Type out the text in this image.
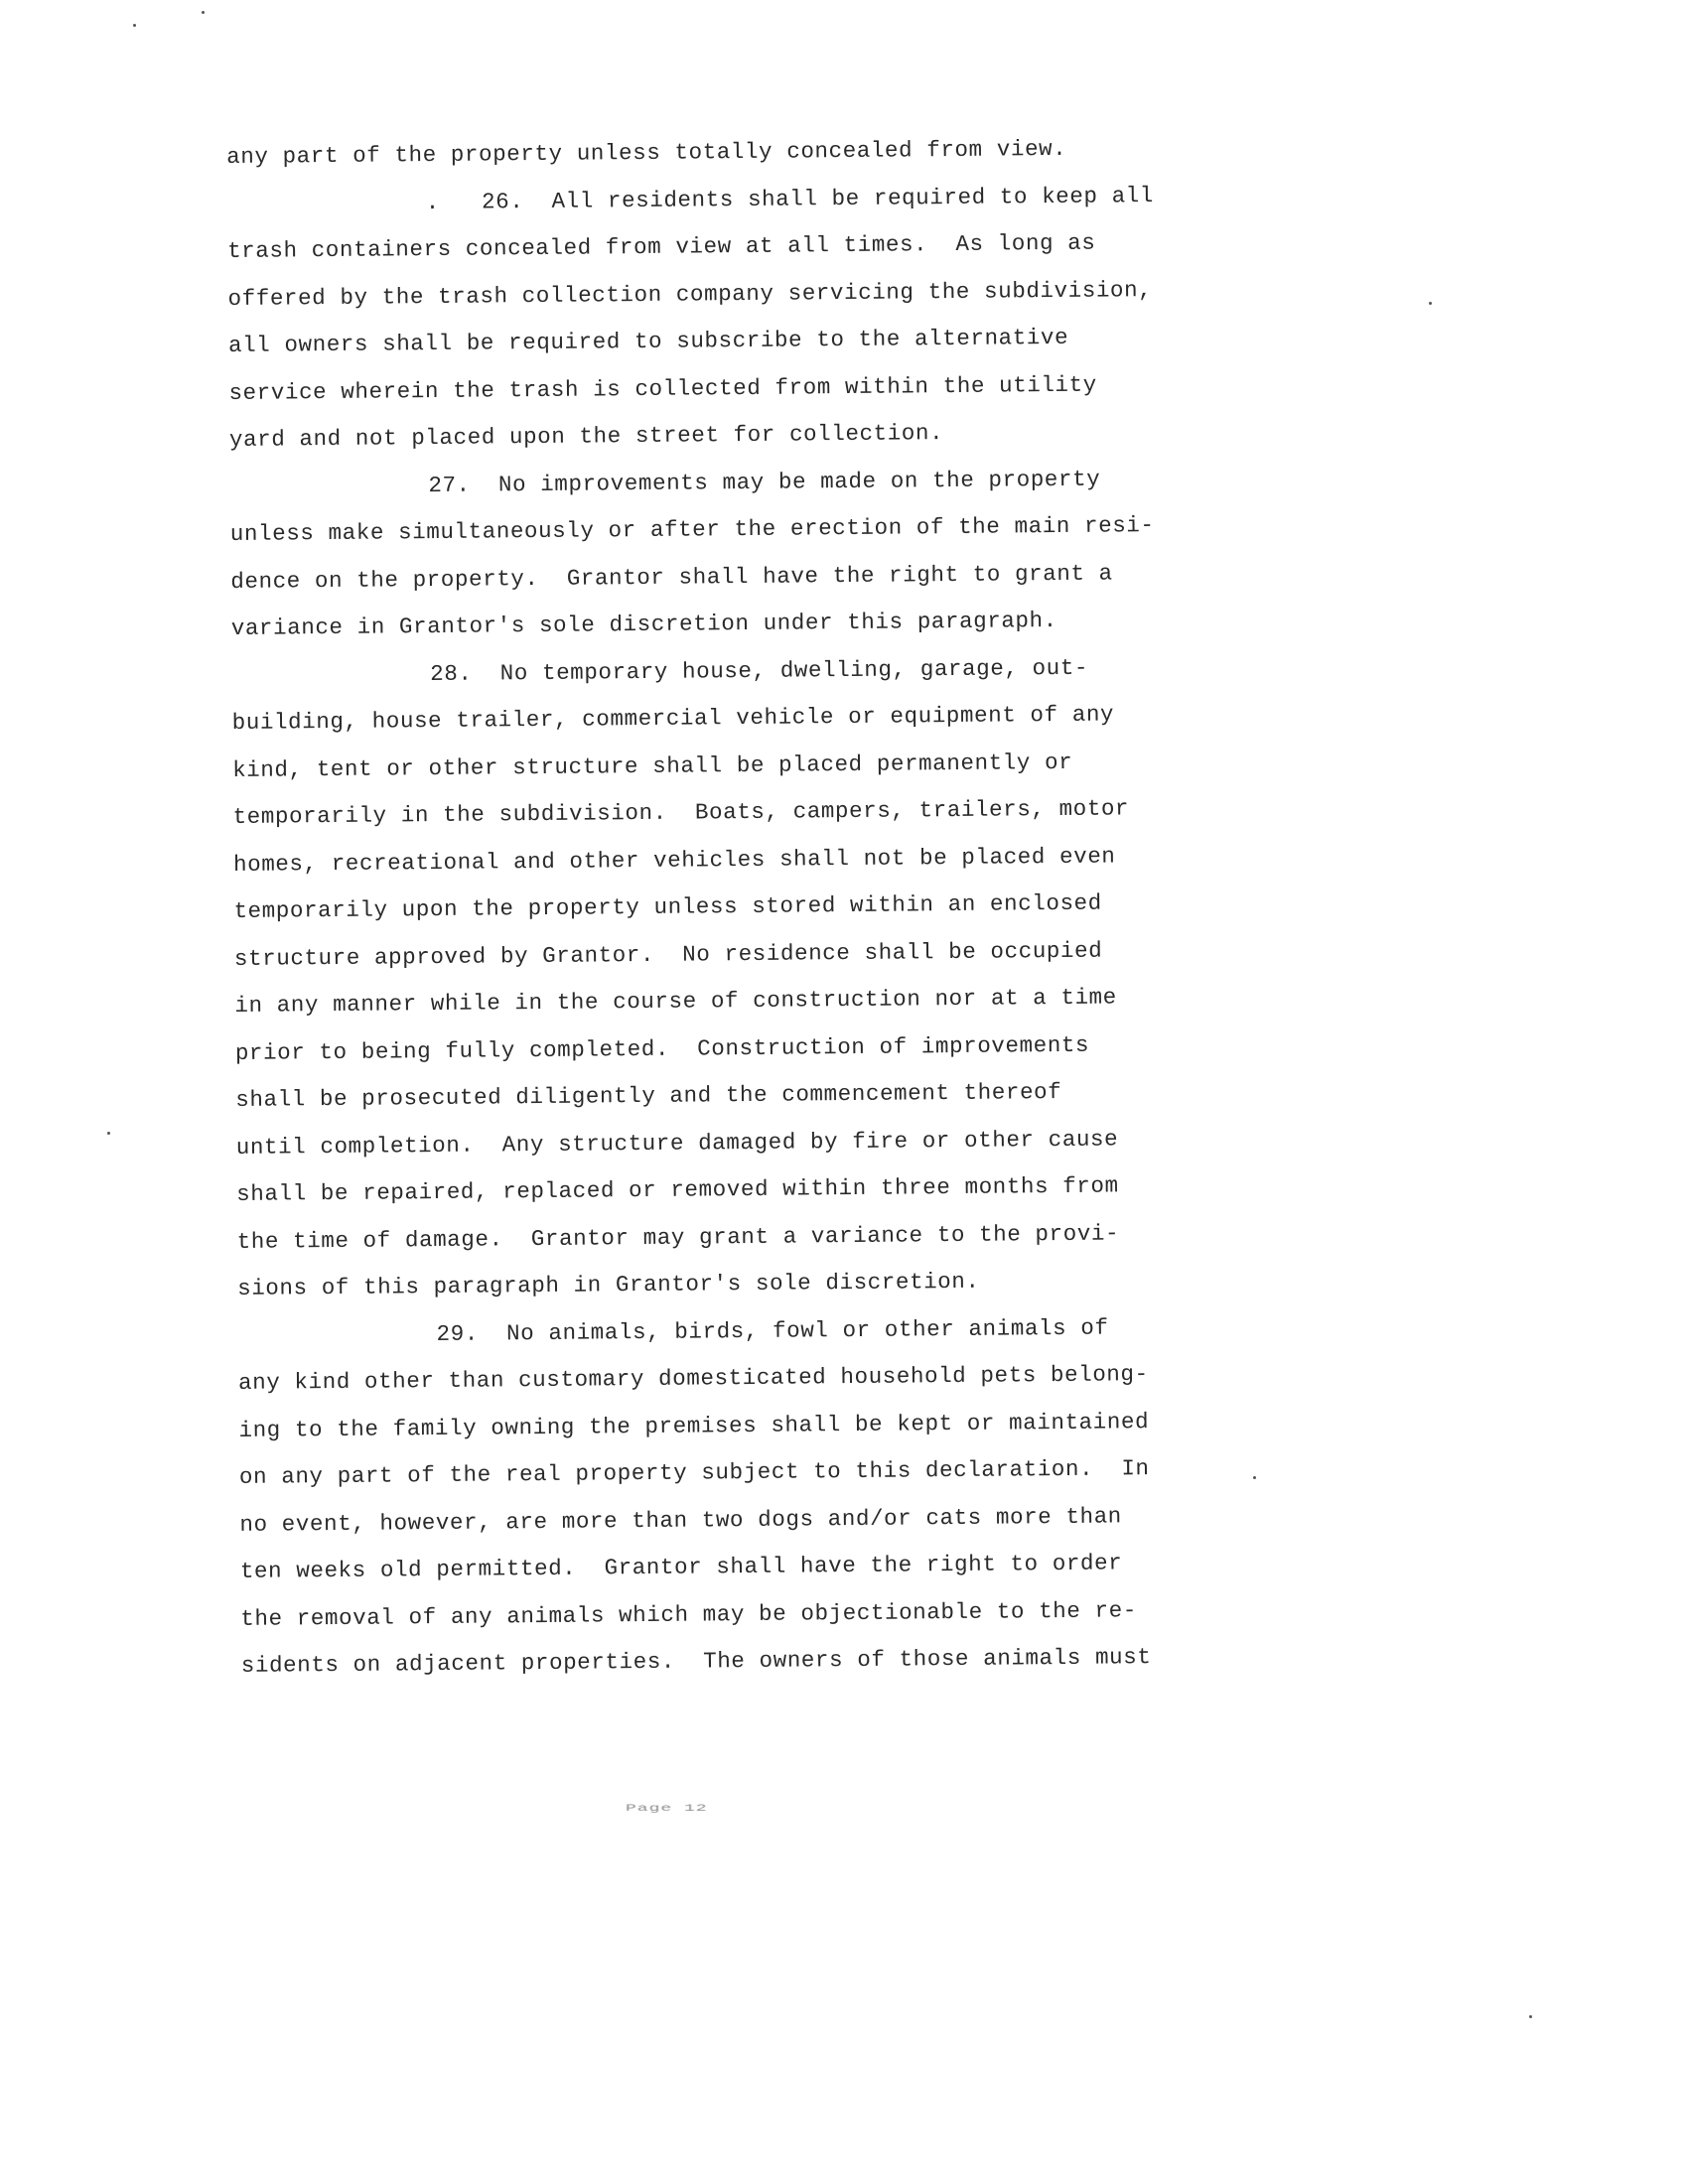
any part of the property unless totally concealed from view.
.   26.  All residents shall be required to keep all
trash containers concealed from view at all times.  As long as
offered by the trash collection company servicing the subdivision,
all owners shall be required to subscribe to the alternative
service wherein the trash is collected from within the utility
yard and not placed upon the street for collection.
27.  No improvements may be made on the property
unless make simultaneously or after the erection of the main resi-
dence on the property.  Grantor shall have the right to grant a
variance in Grantor's sole discretion under this paragraph.
28.  No temporary house, dwelling, garage, out-
building, house trailer, commercial vehicle or equipment of any
kind, tent or other structure shall be placed permanently or
temporarily in the subdivision.  Boats, campers, trailers, motor
homes, recreational and other vehicles shall not be placed even
temporarily upon the property unless stored within an enclosed
structure approved by Grantor.  No residence shall be occupied
in any manner while in the course of construction nor at a time
prior to being fully completed.  Construction of improvements
shall be prosecuted diligently and the commencement thereof
until completion.  Any structure damaged by fire or other cause
shall be repaired, replaced or removed within three months from
the time of damage.  Grantor may grant a variance to the provi-
sions of this paragraph in Grantor's sole discretion.
29.  No animals, birds, fowl or other animals of
any kind other than customary domesticated household pets belong-
ing to the family owning the premises shall be kept or maintained
on any part of the real property subject to this declaration.  In
no event, however, are more than two dogs and/or cats more than
ten weeks old permitted.  Grantor shall have the right to order
the removal of any animals which may be objectionable to the re-
sidents on adjacent properties.  The owners of those animals must
Page 12
